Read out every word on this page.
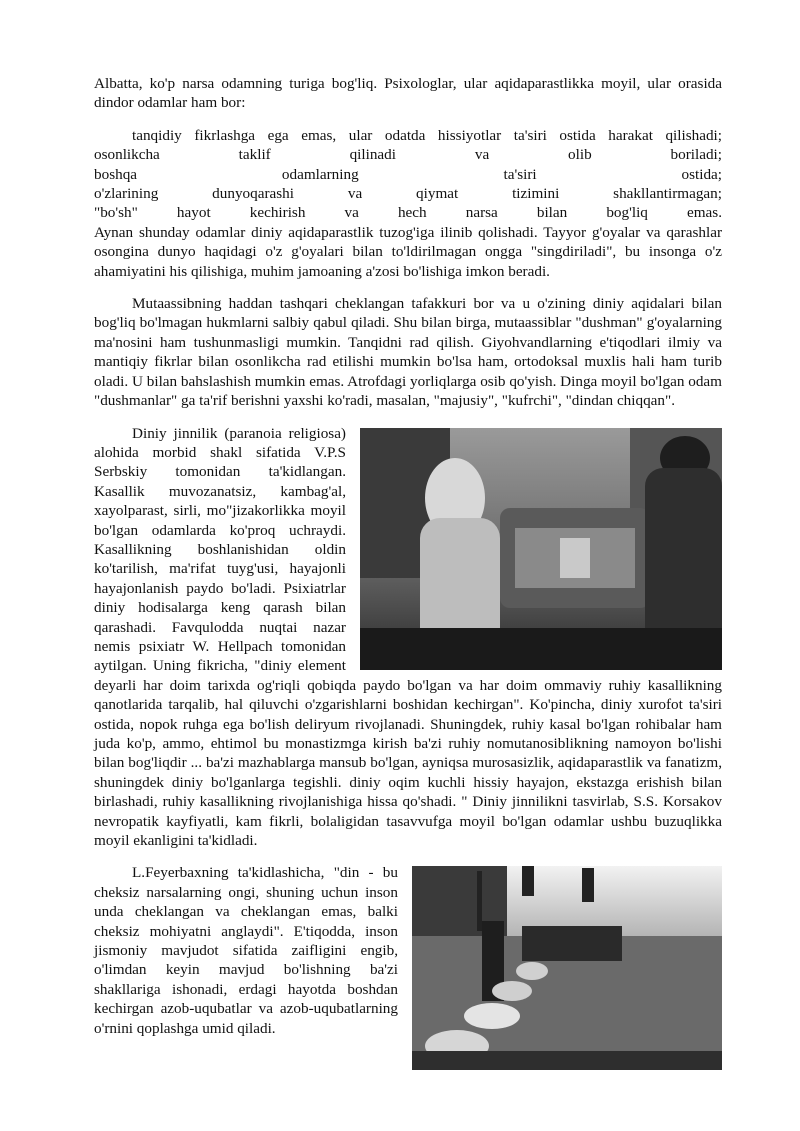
Albatta, ko'p narsa odamning turiga bog'liq. Psixologlar, ular aqidaparastlikka moyil, ular orasida dindor odamlar ham bor:

tanqidiy fikrlashga ega emas, ular odatda hissiyotlar ta'siri ostida harakat qilishadi;
osonlikcha taklif qilinadi va olib boriladi;
boshqa odamlarning ta'siri ostida;
o'zlarining dunyoqarashi va qiymat tizimini shakllantirmagan;
"bo'sh" hayot kechirish va hech narsa bilan bog'liq emas.
Aynan shunday odamlar diniy aqidaparastlik tuzog'iga ilinib qolishadi. Tayyor g'oyalar va qarashlar osongina dunyo haqidagi o'z g'oyalari bilan to'ldirilmagan ongga "singdiriladi", bu insonga o'z ahamiyatini his qilishiga, muhim jamoaning a'zosi bo'lishiga imkon beradi.

Mutaassibning haddan tashqari cheklangan tafakkuri bor va u o'zining diniy aqidalari bilan bog'liq bo'lmagan hukmlarni salbiy qabul qiladi. Shu bilan birga, mutaassiblar "dushman" g'oyalarning ma'nosini ham tushunmasligi mumkin. Tanqidni rad qilish. Giyohvandlarning e'tiqodlari ilmiy va mantiqiy fikrlar bilan osonlikcha rad etilishi mumkin bo'lsa ham, ortodoksal muxlis hali ham turib oladi. U bilan bahslashish mumkin emas. Atrofdagi yorliqlarga osib qo'yish. Dinga moyil bo'lgan odam "dushmanlar" ga ta'rif berishni yaxshi ko'radi, masalan, "majusiy", "kufrchi", "dindan chiqqan".

Diniy jinnilik (paranoia religiosa) alohida morbid shakl sifatida V.P.S Serbskiy tomonidan ta'kidlangan. Kasallik muvozanatsiz, kambag'al, xayolparast, sirli, mo"jizakorlikka moyil bo'lgan odamlarda ko'proq uchraydi. Kasallikning boshlanishidan oldin ko'tarilish, ma'rifat tuyg'usi, hayajonli hayajonlanish paydo bo'ladi. Psixiatrlar diniy hodisalarga keng qarash bilan qarashadi. Favqulodda nuqtai nazar nemis psixiatr W. Hellpach tomonidan aytilgan. Uning fikricha, "diniy element deyarli har doim tarixda og'riqli qobiqda paydo bo'lgan va har doim ommaviy ruhiy kasallikning qanotlarida tarqalib, hal qiluvchi o'zgarishlarni boshidan kechirgan". Ko'pincha, diniy xurofot ta'siri ostida, nopok ruhga ega bo'lish deliryum rivojlanadi. Shuningdek, ruhiy kasal bo'lgan rohibalar ham juda ko'p, ammo, ehtimol bu monastizmga kirish ba'zi ruhiy nomutanosiblikning namoyon bo'lishi bilan bog'liqdir ... ba'zi mazhablarga mansub bo'lgan, ayniqsa murosasizlik, aqidaparastlik va fanatizm, shuningdek diniy bo'lganlarga tegishli. diniy oqim kuchli hissiy hayajon, ekstazga erishish bilan birlashadi, ruhiy kasallikning rivojlanishiga hissa qo'shadi. " Diniy jinnilikni tasvirlab, S.S. Korsakov nevropatik kayfiyatli, kam fikrli, bolaligidan tasavvufga moyil bo'lgan odamlar ushbu buzuqlikka moyil ekanligini ta'kidladi.

L.Feyerbaxning ta'kidlashicha, "din - bu cheksiz narsalarning ongi, shuning uchun inson unda cheklangan va cheklangan emas, balki cheksiz mohiyatni anglaydi". E'tiqodda, inson jismoniy mavjudot sifatida zaifligini engib, o'limdan keyin mavjud bo'lishning ba'zi shakllariga ishonadi, erdagi hayotda boshdan kechirgan azob-uqubatlar va azob-uqubatlarning o'rnini qoplashga umid qiladi.
